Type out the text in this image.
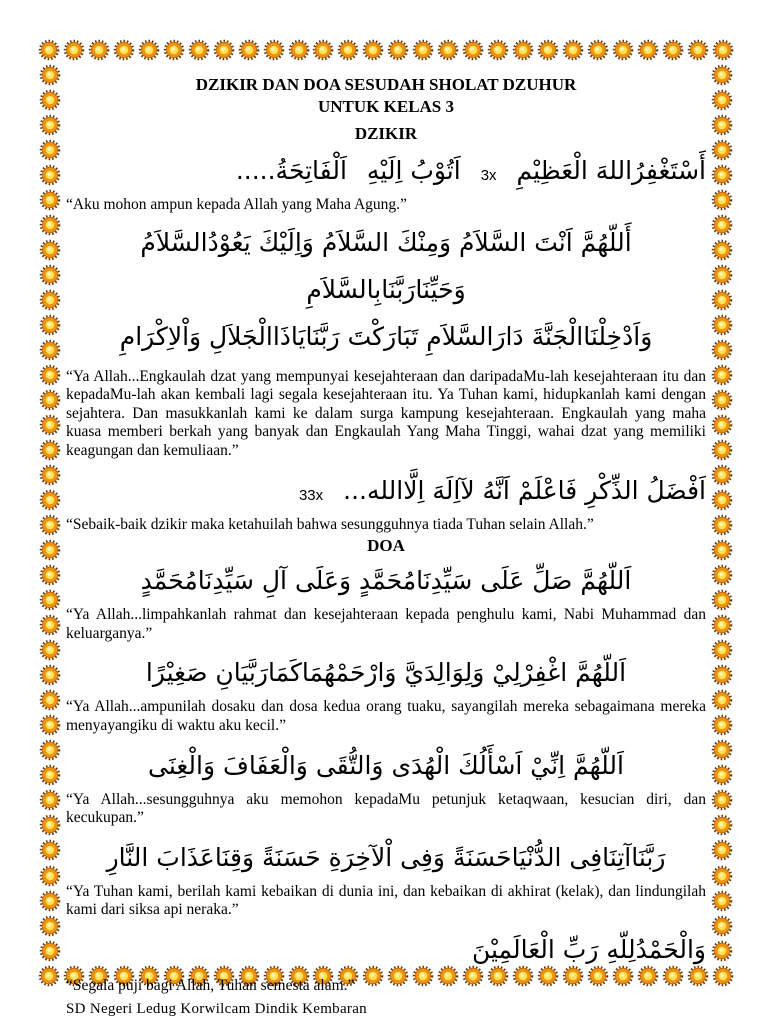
DZIKIR DAN DOA SESUDAH SHOLAT DZUHUR
UNTUK KELAS 3
DZIKIR
أَسْتَغْفِرُاللهَ الْعَظِيْمِ
3x
اَتُوْبُ اِلَيْهِ
اَلْفَاتِحَةُ.....
“Aku mohon ampun kepada Allah yang Maha Agung.”
أَللّهُمَّ اَنْتَ السَّلاَمُ وَمِنْكَ السَّلاَمُ وَاِلَيْكَ يَعُوْدُالسَّلاَمُ وَحَيِّنَارَبَّنَابِالسَّلاَمِ
وَاَدْخِلْنَاالْجَنَّةَ دَارَالسَّلاَمِ تَبَارَكْتَ رَبَّنَايَاذَاالْجَلاَلِ وَاْلاِكْرَامِ
“Ya Allah...Engkaulah dzat yang mempunyai kesejahteraan dan daripadaMu-lah kesejahteraan itu dan kepadaMu-lah akan kembali lagi segala kesejahteraan itu. Ya Tuhan kami, hidupkanlah kami dengan sejahtera. Dan masukkanlah kami ke dalam surga kampung kesejahteraan. Engkaulah yang maha kuasa memberi berkah yang banyak dan Engkaulah Yang Maha Tinggi, wahai dzat yang memiliki keagungan dan kemuliaan.”
اَفْضَلُ الذِّكْرِ فَاعْلَمْ اَنَّهُ لآاِلَهَ اِلَّاالله...
33x
“Sebaik-baik dzikir maka ketahuilah bahwa sesungguhnya tiada Tuhan selain Allah.”
DOA
اَللّهُمَّ صَلِّ عَلَى سَيِّدِنَامُحَمَّدٍ وَعَلَى آلِ سَيِّدِنَامُحَمَّدٍ
“Ya Allah...limpahkanlah rahmat dan kesejahteraan kepada penghulu kami, Nabi Muhammad dan keluarganya.”
اَللّهُمَّ اغْفِرْلِيْ وَلِوَالِدَيَّ وَارْحَمْهُمَاكَمَارَبَّيَانِ صَغِيْرًا
“Ya Allah...ampunilah dosaku dan dosa kedua orang tuaku, sayangilah mereka sebagaimana mereka menyayangiku di waktu aku kecil.”
اَللّهُمَّ اِنِّيْ اَسْأَلُكَ الْهُدَى وَالتُّقَى وَالْعَفَافَ وَالْغِنَى
“Ya Allah...sesungguhnya aku memohon kepadaMu petunjuk ketaqwaan, kesucian diri, dan kecukupan.”
رَبَّنَاآتِنَافِى الدُّنْيَاحَسَنَةً وَفِى اْلآخِرَةِ حَسَنَةً وَقِنَاعَذَابَ النَّارِ
“Ya Tuhan kami, berilah kami kebaikan di dunia ini, dan kebaikan di akhirat (kelak), dan lindungilah kami dari siksa api neraka.”
وَالْحَمْدُلِلّهِ رَبِّ الْعَالَمِيْنَ
“Segala puji bagi Allah, Tuhan semesta alam.”
SD Negeri Ledug Korwilcam Dindik Kembaran
